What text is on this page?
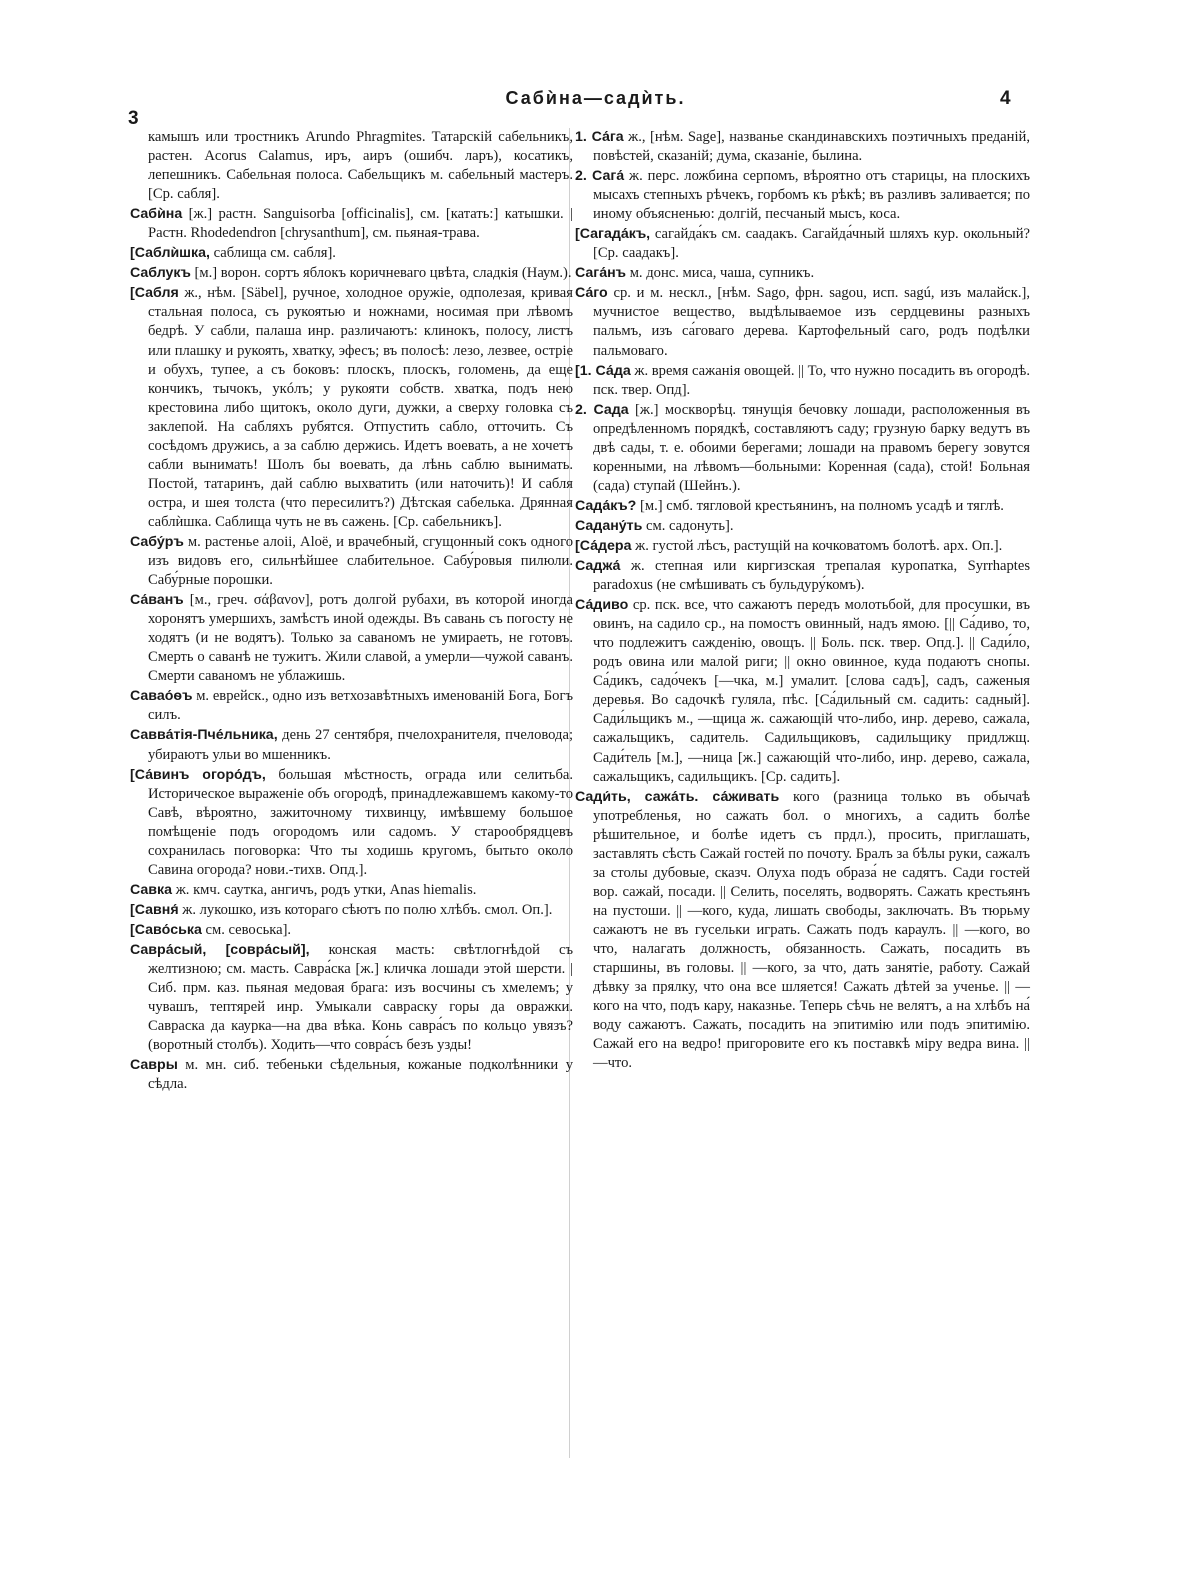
Сабѝна—садѝть.
3
4

камышъ или тростникъ Arundo Phragmites. Татарскій сабельникъ, растен. Acorus Calamus, иръ, аиръ (ошибч. ларъ), косатикъ, лепешникъ. Сабельная полоса. Сабельщикъ м. сабельный мастеръ. [Ср. сабля].

Сабѝна [ж.] растн. Sanguisorba [officinalis], см. [катать:] катышки. | Растн. Rhodedendron [chrysanthum], см. пьяная-трава.

[Саблѝшка, саблища см. сабля].

Саблукъ [м.] ворон. сортъ яблокъ коричневаго цвѣта, сладкія (Наум.).

[Сабля ж., нѣм. [Säbel], ручное, холодное оружіе, одполезая, кривая стальная полоса, съ рукоятью и ножнами, носимая при лѣвомъ бедрѣ. У сабли, палаша инр. различаютъ: клинокъ, полосу, листъ или плашку и рукоять, хватку, эфесъ; въ полосѣ: лезо, лезвее, остріе и обухъ, тупее, а съ боковъ: плоскъ, плоскъ, голомень, да еще кончикъ, тычокъ, укóлъ; у рукояти собств. хватка, подъ нею крестовина либо щитокъ, около дуги, дужки, а сверху головка съ заклепой. На сабляхъ рубятся. Отпустить сабло, отточить. Съ сосѣдомъ дружись, а за саблю держись. Идетъ воевать, а не хочетъ сабли вынимать! Шолъ бы воевать, да лѣнь саблю вынимать. Постой, татаринъ, дай саблю выхватить (или наточить)! И сабля остра, и шея толста (что пересилитъ?) Дѣтская сабелька. Дрянная саблѝшка. Саблища чуть не въ сажень. [Ср. сабельникъ].

Сабу́ръ м. растенье алоіі, Aloë, и врачебный, сгущонный сокъ одного изъ видовъ его, сильнѣйшее слабительное. Сабу́ровыя пилюли. Сабу́рные порошки.

Са́ванъ [м., греч. σάβανον], ротъ долгой рубахи, въ которой иногда хоронятъ умершихъ, замѣстъ иной одежды. Въ савань съ погосту не ходятъ (и не водятъ). Только за саваномъ не умираеть, не готовъ. Смерть о саванѣ не тужитъ. Жили славой, а умерли—чужой саванъ. Смерти саваномъ не ублажишь.

Савао́ѳъ м. еврейск., одно изъ ветхозавѣтныхъ именованій Бога, Богъ силъ.

Савва́тія-Пче́льника, день 27 сентября, пчелохранителя, пчеловода; убираютъ ульи во мшенникъ.

[Са́винъ огоро́дъ, большая мѣстность, ограда или селитьба. Историческое выраженіе объ огородѣ, принадлежавшемъ какому-то Савѣ, вѣроятно, зажиточному тихвинцу, имѣвшему большое помѣщеніе подъ огородомъ или садомъ. У старообрядцевъ сохранилась поговорка: Что ты ходишь кругомъ, бытьто около Савина огорода? нови.-тихв. Опд.].

Савка ж. кмч. саутка, ангичъ, родъ утки, Anas hiemalis.

[Савня́ ж. лукошко, изъ котораго сѣютъ по полю хлѣбъ. смол. Оп.].

[Саво́ська см. севоська].

Савра́сый, [совра́сый], конская масть: свѣтлогнѣдой съ желтизною; см. масть. Савра́ска [ж.] кличка лошади этой шерсти. | Сиб. прм. каз. пьяная медовая брага: изъ восчины съ хмелемъ; у чувашъ, тептярей инр. Умыкали савраску горы да овражки. Савраска да каурка—на два вѣка. Конь савра́съ по кольцо увязъ? (воротный столбъ). Ходить—что совра́съ безъ узды!

Савры м. мн. сиб. тебеньки сѣдельныя, кожаные подколѣнники у сѣдла.

1. Са́га ж., [нѣм. Sage], названье скандинавскихъ поэтичныхъ преданій, повѣстей, сказаній; дума, сказаніе, былина.

2. Сага́ ж. перс. ложбина серпомъ, вѣроятно отъ старицы, на плоскихъ мысахъ степныхъ рѣчекъ, горбомъ къ рѣкѣ; въ разливъ заливается; по иному объясненью: долгій, песчаный мысъ, коса.

[Сагада́къ, сагайда́къ см. саадакъ. Сагайда́чный шляхъ кур. окольный? [Ср. саадакъ].

Сага́нъ м. донс. миса, чаша, супникъ.

Са́го ср. и м. нескл., [нѣм. Sago, фрн. sagou, исп. sagú, изъ малайск.], мучнистое вещество, выдѣлываемое изъ сердцевины разныхъ пальмъ, изъ са́говаго дерева. Картофельный саго, родъ подѣлки пальмоваго.

[1. Са́да ж. время сажанія овощей. || То, что нужно посадить въ огородѣ. пск. твер. Опд].

2. Сада [ж.] москворѣц. тянущія бечовку лошади, расположенныя въ опредѣленномъ порядкѣ, составляютъ саду; грузную барку ведутъ въ двѣ сады, т. е. обоими берегами; лошади на правомъ берегу зовутся коренными, на лѣвомъ—больными: Коренная (сада), стой! Больная (сада) ступай (Шейнъ.).

Сада́къ? [м.] смб. тягловой крестьянинъ, на полномъ усадѣ и тяглѣ.

Садану́ть см. садонуть].

[Са́дера ж. густой лѣсъ, растущій на кочковатомъ болотѣ. арх. Оп.].

Саджа́ ж. степная или киргизская трепалая куропатка, Syrrhaptes paradoxus (не смѣшивать съ бульдуру́комъ).

Са́диво ср. пск. все, что сажаютъ передъ молотьбой, для просушки, въ овинъ, на садило ср., на помостъ овинный, надъ ямою. [|| Са́диво, то, что подлежитъ сажденію, овощъ. || Боль. пск. твер. Опд.]. || Сади́ло, родъ овина или малой риги; || окно овинное, куда подаютъ снопы. Са́дикъ, садо́чекъ [—чка, м.] умалит. [слова садъ], садъ, саженыя деревья. Во садочкѣ гуляла, пѣс. [Са́дильный см. садить: садный]. Сади́льщикъ м., —щица ж. сажающій что-либо, инр. дерево, сажала, сажальщикъ, садитель. Садильщиковъ, садильщику придлжщ. Сади́тель [м.], —ница [ж.] сажающій что-либо, инр. дерево, сажала, сажальщикъ, садильщикъ. [Ср. садить].

Сади́ть, сажа́ть. са́живать кого (разница только въ обычаѣ употребленья, но сажать бол. о многихъ, а садить болѣе рѣшительное, и болѣе идетъ съ прдл.), просить, приглашать, заставлять сѣсть Сажай гостей по почоту. Бралъ за бѣлы руки, сажалъ за столы дубовые, сказч. Олуха подъ образа́ не садятъ. Сади гостей вор. сажай, посади. || Селить, поселять, водворять. Сажать крестьянъ на пустоши. || —кого, куда, лишать свободы, заключать. Въ тюрьму сажаютъ не въ гусельки играть. Сажать подъ караулъ. || —кого, во что, налагать должность, обязанность. Сажать, посадить въ старшины, въ головы. || —кого, за что, дать занятіе, работу. Сажай дѣвку за прялку, что она все шляется! Сажать дѣтей за ученье. || —кого на что, подъ кару, наказнье. Теперь сѣчь не велятъ, а на хлѣбъ на́ воду сажаютъ. Сажать, посадить на эпитимію или подъ эпитимію. Сажай его на ведро! пригоровите его къ поставкѣ міру ведра вина. || —что.
